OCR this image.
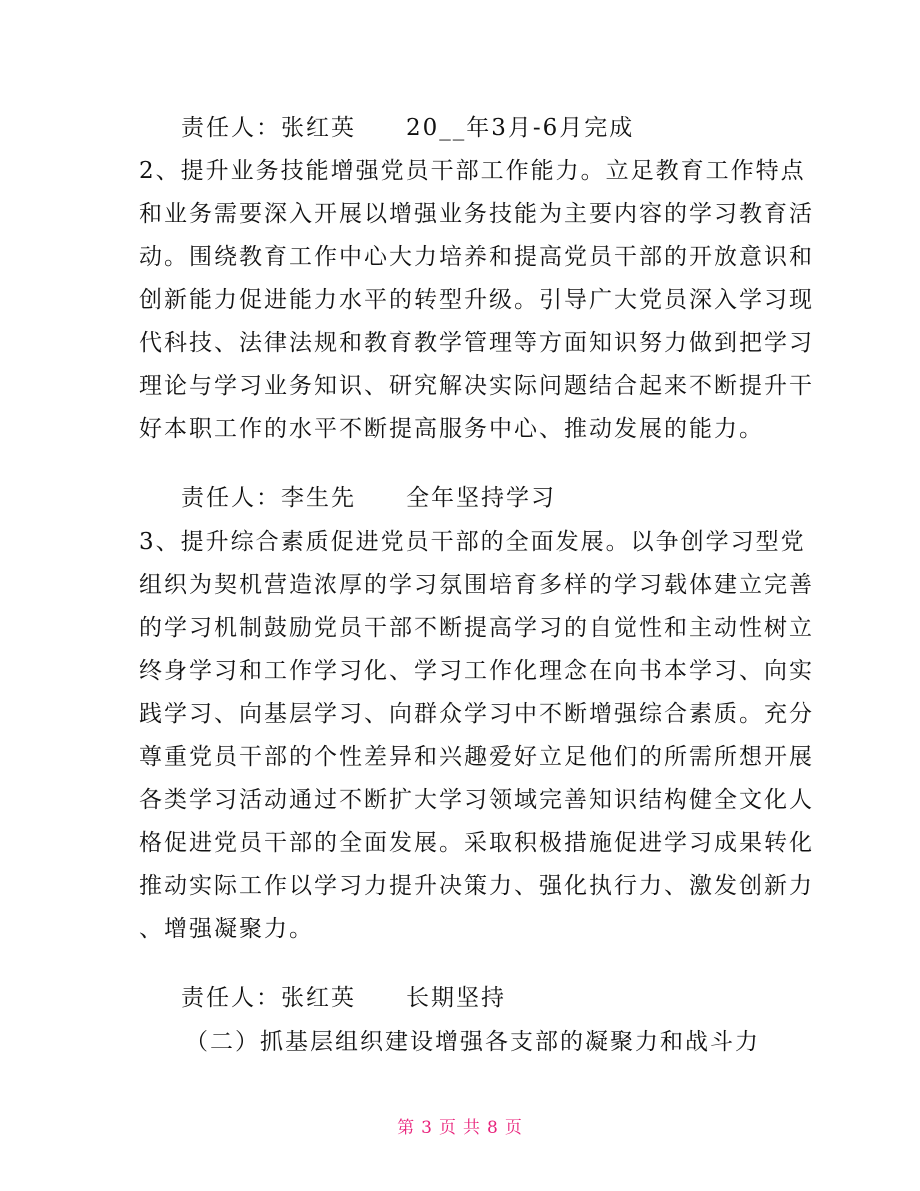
责任人：张红英 20__年3月-6月完成
2、提升业务技能增强党员干部工作能力。立足教育工作特点
和业务需要深入开展以增强业务技能为主要内容的学习教育活
动。围绕教育工作中心大力培养和提高党员干部的开放意识和
创新能力促进能力水平的转型升级。引导广大党员深入学习现
代科技、法律法规和教育教学管理等方面知识努力做到把学习
理论与学习业务知识、研究解决实际问题结合起来不断提升干
好本职工作的水平不断提高服务中心、推动发展的能力。
责任人：李生先 全年坚持学习
3、提升综合素质促进党员干部的全面发展。以争创学习型党
组织为契机营造浓厚的学习氛围培育多样的学习载体建立完善
的学习机制鼓励党员干部不断提高学习的自觉性和主动性树立
终身学习和工作学习化、学习工作化理念在向书本学习、向实
践学习、向基层学习、向群众学习中不断增强综合素质。充分
尊重党员干部的个性差异和兴趣爱好立足他们的所需所想开展
各类学习活动通过不断扩大学习领域完善知识结构健全文化人
格促进党员干部的全面发展。采取积极措施促进学习成果转化
推动实际工作以学习力提升决策力、强化执行力、激发创新力
、增强凝聚力。
责任人：张红英 长期坚持
（二）抓基层组织建设增强各支部的凝聚力和战斗力
第 3 页 共 8 页
